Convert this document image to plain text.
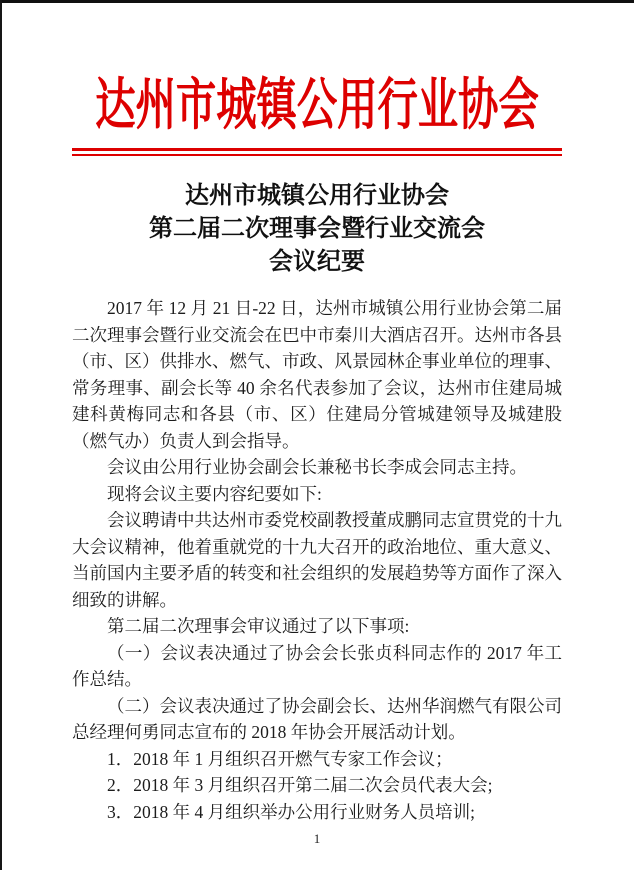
达州市城镇公用行业协会
达州市城镇公用行业协会
第二届二次理事会暨行业交流会
会议纪要

2017 年 12 月 21 日-22 日，达州市城镇公用行业协会第二届二次理事会暨行业交流会在巴中市秦川大酒店召开。达州市各县（市、区）供排水、燃气、市政、风景园林企事业单位的理事、常务理事、副会长等 40 余名代表参加了会议，达州市住建局城建科黄梅同志和各县（市、区）住建局分管城建领导及城建股（燃气办）负责人到会指导。

会议由公用行业协会副会长兼秘书长李成会同志主持。

现将会议主要内容纪要如下:

会议聘请中共达州市委党校副教授董成鹏同志宣贯党的十九大会议精神，他着重就党的十九大召开的政治地位、重大意义、当前国内主要矛盾的转变和社会组织的发展趋势等方面作了深入细致的讲解。

第二届二次理事会审议通过了以下事项:

（一）会议表决通过了协会会长张贞科同志作的 2017 年工作总结。

（二）会议表决通过了协会副会长、达州华润燃气有限公司总经理何勇同志宣布的 2018 年协会开展活动计划。

1．2018 年 1 月组织召开燃气专家工作会议；

2．2018 年 3 月组织召开第二届二次会员代表大会;

3．2018 年 4 月组织举办公用行业财务人员培训;

1
